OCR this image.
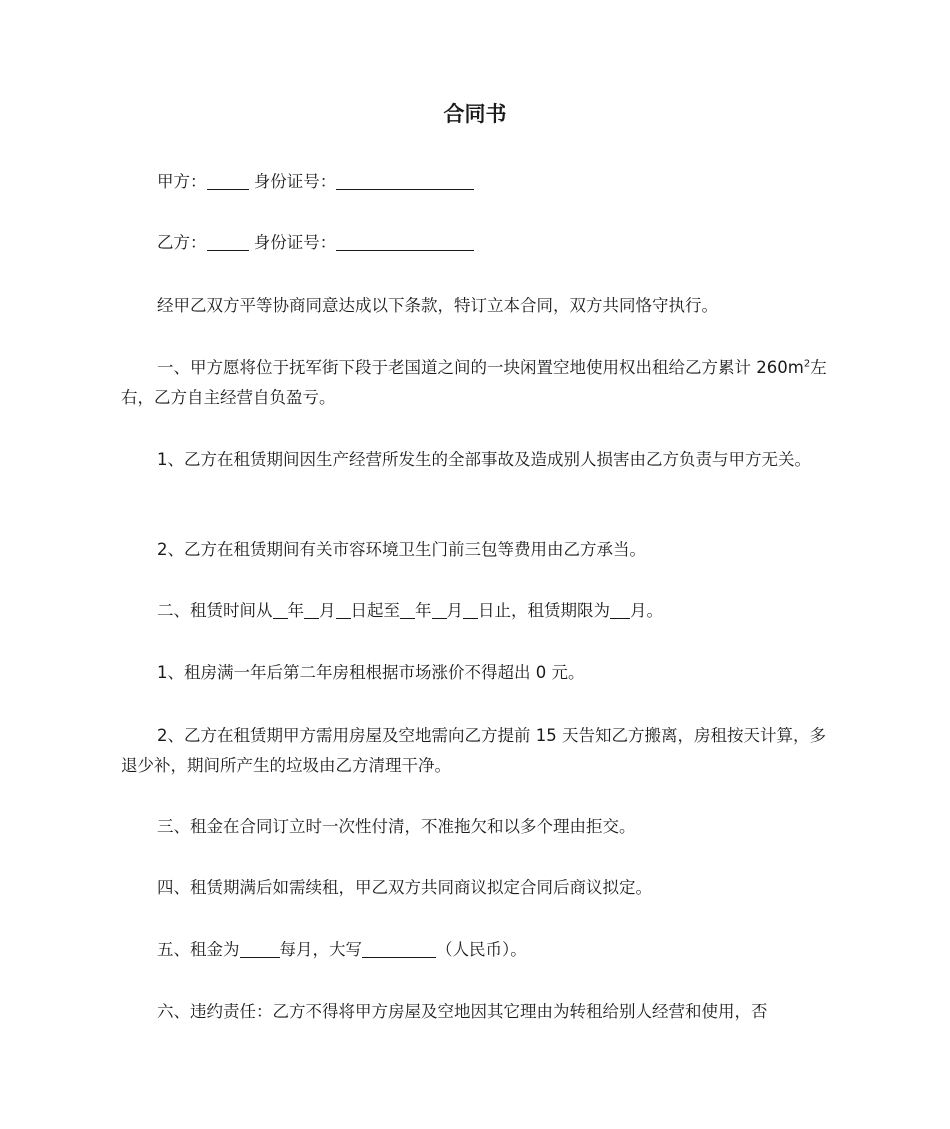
合同书

甲方：	身份证号：

乙方：	身份证号：

经甲乙双方平等协商同意达成以下条款，特订立本合同，双方共同恪守执行。

一、甲方愿将位于抚军街下段于老国道之间的一块闲置空地使用权出租给乙方累计 $260m^2$左右，乙方自主经营自负盈亏。

1、乙方在租赁期间因生产经营所发生的全部事故及造成别人损害由乙方负责与甲方无关。

2、乙方在租赁期间有关市容环境卫生门前三包等费用由乙方承当。

二、租赁时间从 年 月 日起至 年 月 日止，租赁期限为 月。

1、租房满一年后第二年房租根据市场涨价不得超出 0 元。

2、乙方在租赁期甲方需用房屋及空地需向乙方提前 15 天告知乙方搬离，房租按天计算，多退少补，期间所产生的垃圾由乙方清理干净。

三、租金在合同订立时一次性付清，不准拖欠和以多个理由拒交。

四、租赁期满后如需续租，甲乙双方共同商议拟定合同后商议拟定。

五、租金为 每月，大写	（人民币）。

六、违约责任：乙方不得将甲方房屋及空地因其它理由为转租给别人经营和使用，否
